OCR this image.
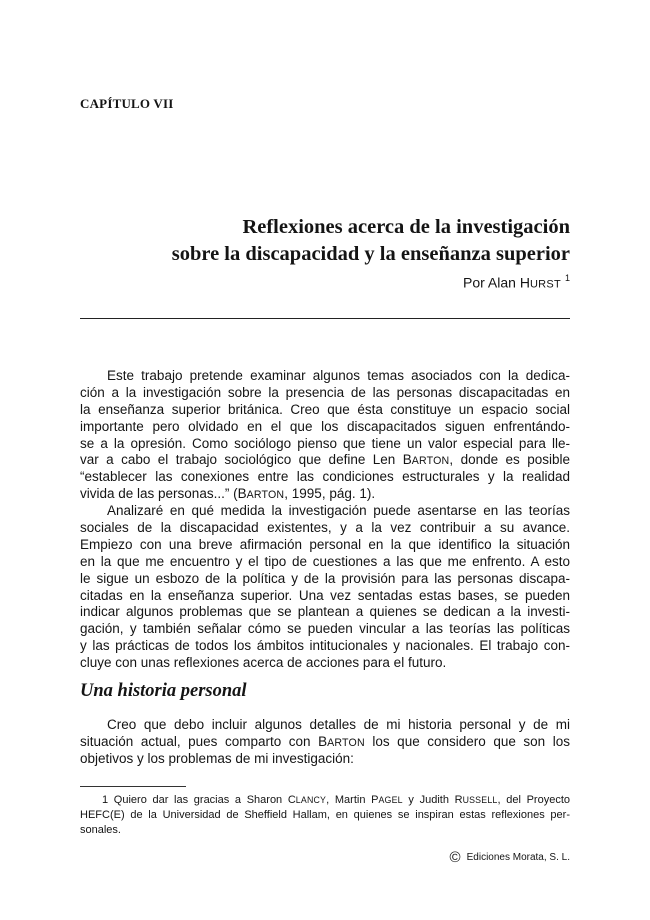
CAPÍTULO VII
Reflexiones acerca de la investigación
sobre la discapacidad y la enseñanza superior
Por Alan HURST $^1$
  Este trabajo pretende examinar algunos temas asociados con la dedica-
ción a la investigación sobre la presencia de las personas discapacitadas en
la enseñanza superior británica. Creo que ésta constituye un espacio social
importante pero olvidado en el que los discapacitados siguen enfrentándo-
se a la opresión. Como sociólogo pienso que tiene un valor especial para lle-
var a cabo el trabajo sociológico que define Len BARTON, donde es posible
“establecer las conexiones entre las condiciones estructurales y la realidad
vivida de las personas...” (BARTON, 1995, pág. 1).
  Analizaré en qué medida la investigación puede asentarse en las teorías
sociales de la discapacidad existentes, y a la vez contribuir a su avance.
Empiezo con una breve afirmación personal en la que identifico la situación
en la que me encuentro y el tipo de cuestiones a las que me enfrento. A esto
le sigue un esbozo de la política y de la provisión para las personas discapa-
citadas en la enseñanza superior. Una vez sentadas estas bases, se pueden
indicar algunos problemas que se plantean a quienes se dedican a la investi-
gación, y también señalar cómo se pueden vincular a las teorías las políticas
y las prácticas de todos los ámbitos intitucionales y nacionales. El trabajo con-
cluye con unas reflexiones acerca de acciones para el futuro.
Una historia personal
  Creo que debo incluir algunos detalles de mi historia personal y de mi
situación actual, pues comparto con BARTON los que considero que son los
objetivos y los problemas de mi investigación:
  1 Quiero dar las gracias a Sharon CLANCY, Martin PAGEL y Judith RUSSELL, del Proyecto
HEFC(E) de la Universidad de Sheffield Hallam, en quienes se inspiran estas reflexiones per-
sonales.
© Ediciones Morata, S. L.
